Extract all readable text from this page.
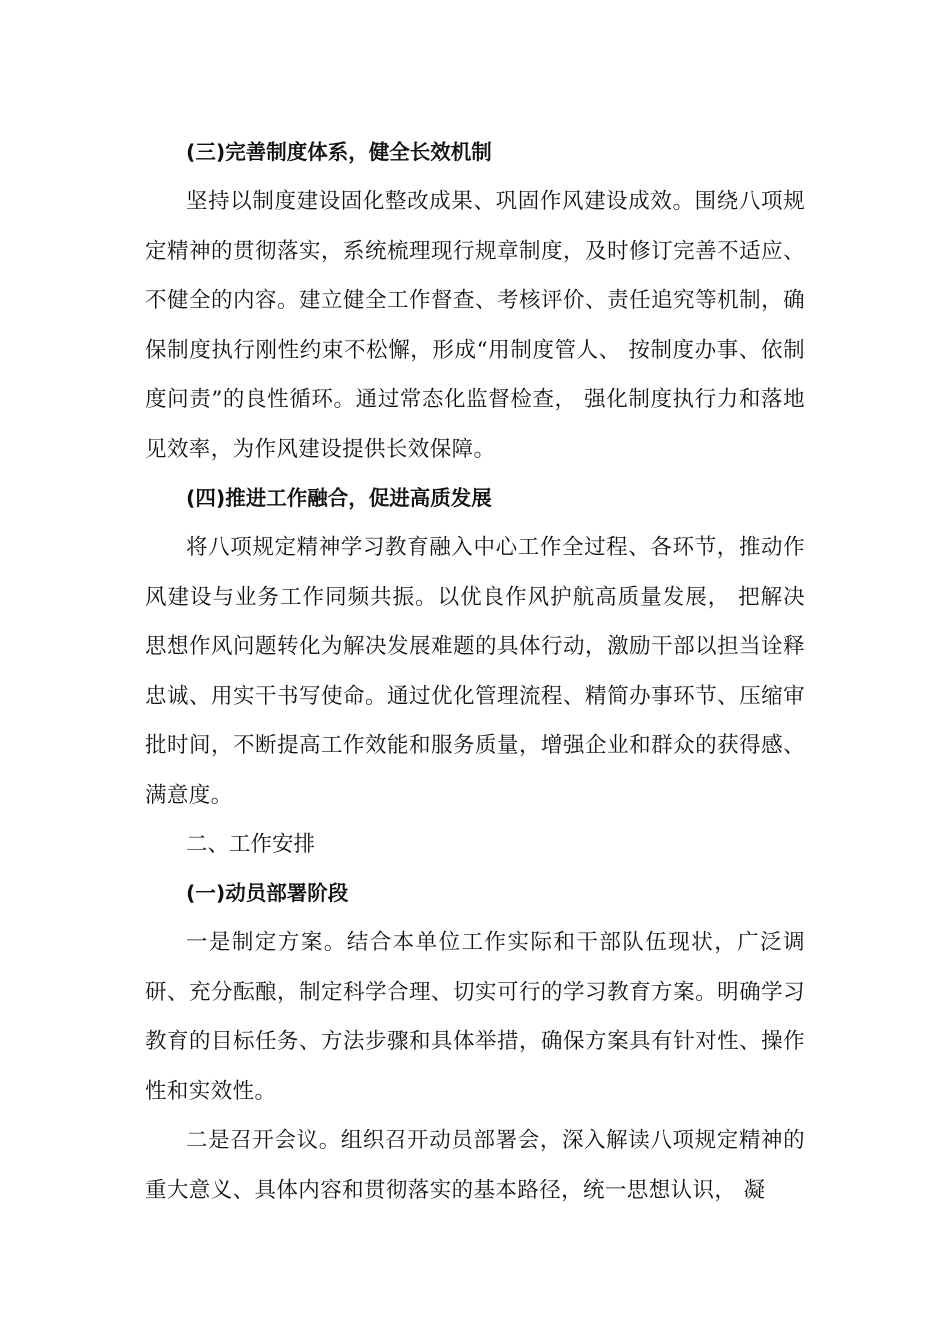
(三)完善制度体系，健全长效机制
坚持以制度建设固化整改成果、巩固作风建设成效。围绕八项规定精神的贯彻落实，系统梳理现行规章制度，及时修订完善不适应、不健全的内容。建立健全工作督查、考核评价、责任追究等机制，确保制度执行刚性约束不松懈，形成“用制度管人、 按制度办事、依制度问责”的良性循环。通过常态化监督检查， 强化制度执行力和落地见效率，为作风建设提供长效保障。
(四)推进工作融合，促进高质发展
将八项规定精神学习教育融入中心工作全过程、各环节，推动作风建设与业务工作同频共振。以优良作风护航高质量发展， 把解决思想作风问题转化为解决发展难题的具体行动，激励干部以担当诠释忠诚、用实干书写使命。通过优化管理流程、精简办事环节、压缩审批时间，不断提高工作效能和服务质量，增强企业和群众的获得感、满意度。
二、工作安排
(一)动员部署阶段
一是制定方案。结合本单位工作实际和干部队伍现状，广泛调研、充分酝酿，制定科学合理、切实可行的学习教育方案。明确学习教育的目标任务、方法步骤和具体举措，确保方案具有针对性、操作性和实效性。
二是召开会议。组织召开动员部署会，深入解读八项规定精神的重大意义、具体内容和贯彻落实的基本路径，统一思想认识， 凝
